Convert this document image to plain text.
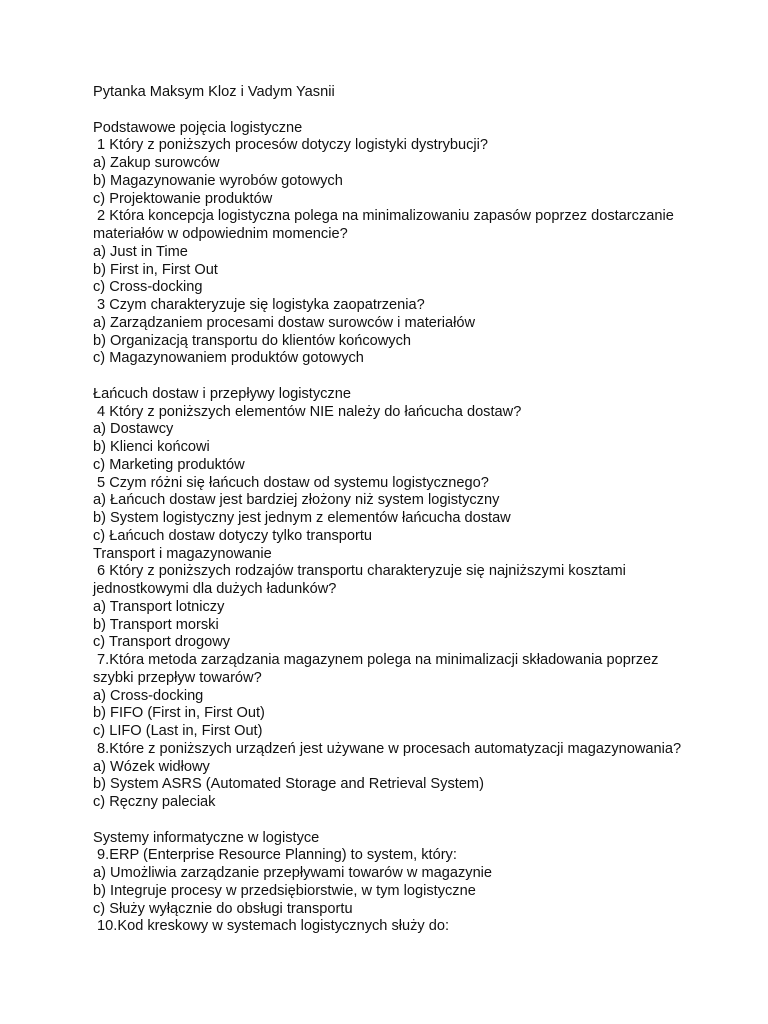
Pytanka Maksym Kloz i Vadym Yasnii
Podstawowe pojęcia logistyczne
1 Który z poniższych procesów dotyczy logistyki dystrybucji?
a) Zakup surowców
b) Magazynowanie wyrobów gotowych
c) Projektowanie produktów
2 Która koncepcja logistyczna polega na minimalizowaniu zapasów poprzez dostarczanie
materiałów w odpowiednim momencie?
a) Just in Time
b) First in, First Out
c) Cross-docking
3 Czym charakteryzuje się logistyka zaopatrzenia?
a) Zarządzaniem procesami dostaw surowców i materiałów
b) Organizacją transportu do klientów końcowych
c) Magazynowaniem produktów gotowych
Łańcuch dostaw i przepływy logistyczne
4 Który z poniższych elementów NIE należy do łańcucha dostaw?
a) Dostawcy
b) Klienci końcowi
c) Marketing produktów
5 Czym różni się łańcuch dostaw od systemu logistycznego?
a) Łańcuch dostaw jest bardziej złożony niż system logistyczny
b) System logistyczny jest jednym z elementów łańcucha dostaw
c) Łańcuch dostaw dotyczy tylko transportu
Transport i magazynowanie
6 Który z poniższych rodzajów transportu charakteryzuje się najniższymi kosztami
jednostkowymi dla dużych ładunków?
a) Transport lotniczy
b) Transport morski
c) Transport drogowy
7.Która metoda zarządzania magazynem polega na minimalizacji składowania poprzez
szybki przepływ towarów?
a) Cross-docking
b) FIFO (First in, First Out)
c) LIFO (Last in, First Out)
8.Które z poniższych urządzeń jest używane w procesach automatyzacji magazynowania?
a) Wózek widłowy
b) System ASRS (Automated Storage and Retrieval System)
c) Ręczny paleciak
Systemy informatyczne w logistyce
9.ERP (Enterprise Resource Planning) to system, który:
a) Umożliwia zarządzanie przepływami towarów w magazynie
b) Integruje procesy w przedsiębiorstwie, w tym logistyczne
c) Służy wyłącznie do obsługi transportu
10.Kod kreskowy w systemach logistycznych służy do:
